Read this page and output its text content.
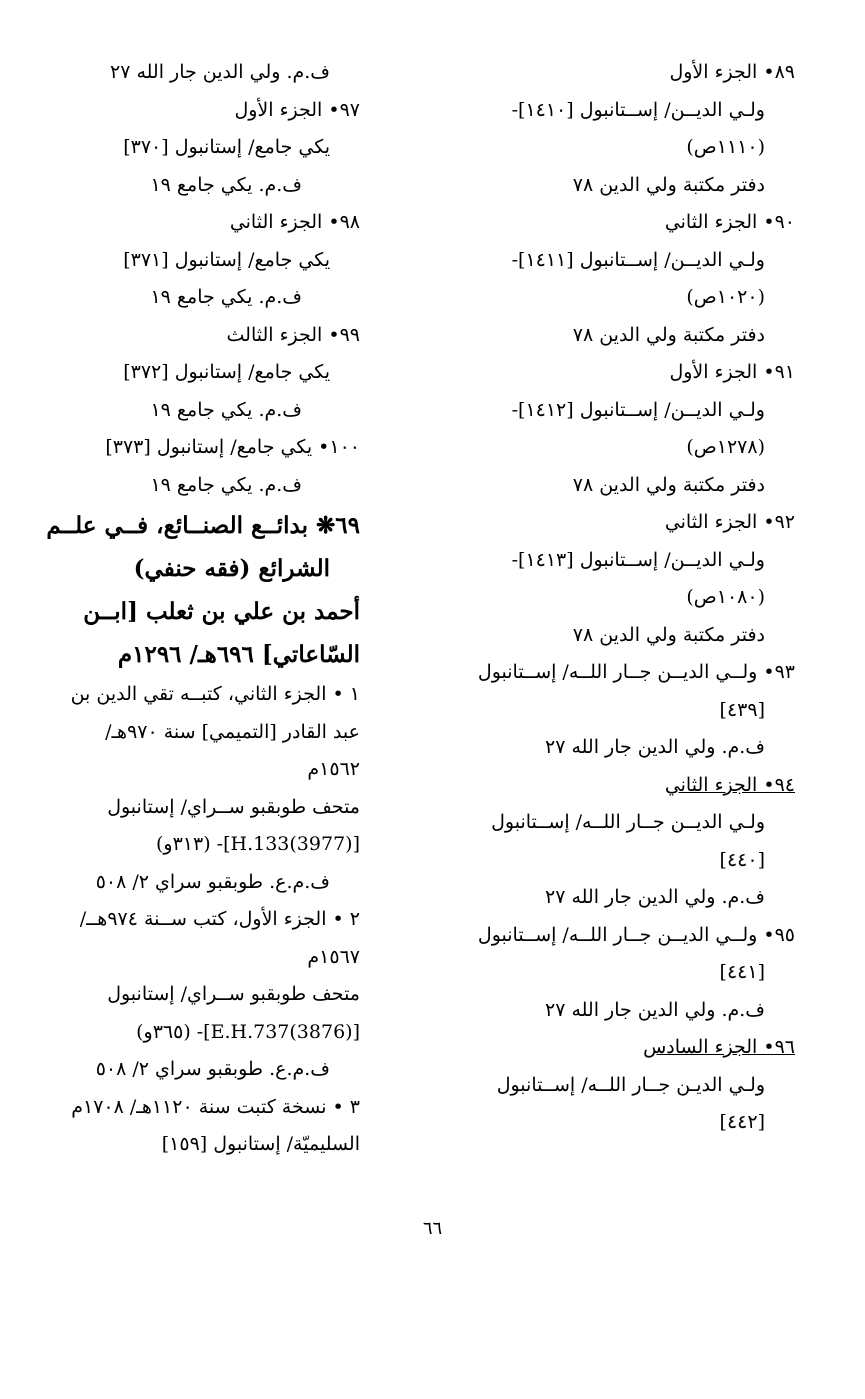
٨٩• الجزء الأول
ولـي الديــن/ إســتانبول [١٤١٠]-
(١١١٠ص)
دفتر مكتبة ولي الدين ٧٨
٩٠• الجزء الثاني
ولـي الديــن/ إســتانبول [١٤١١]-
(١٠٢٠ص)
دفتر مكتبة ولي الدين ٧٨
٩١• الجزء الأول
ولـي الديــن/ إســتانبول [١٤١٢]-
(١٢٧٨ص)
دفتر مكتبة ولي الدين ٧٨
٩٢• الجزء الثاني
ولـي الديــن/ إســتانبول [١٤١٣]-
(١٠٨٠ص)
دفتر مكتبة ولي الدين ٧٨
٩٣• ولــي الديــن جــار اللــه/ إســتانبول
[٤٣٩]
ف.م. ولي الدين جار الله ٢٧
٩٤• الجزء الثاني
ولـي الديــن جــار اللــه/ إســتانبول
[٤٤٠]
ف.م. ولي الدين جار الله ٢٧
٩٥• ولــي الديــن جــار اللــه/ إســتانبول
[٤٤١]
ف.م. ولي الدين جار الله ٢٧
٩٦• الجزء السادس
ولـي الديـن جــار اللــه/ إســتانبول
[٤٤٢]
ف.م. ولي الدين جار الله ٢٧
٩٧• الجزء الأول
يكي جامع/ إستانبول [٣٧٠]
ف.م. يكي جامع ١٩
٩٨• الجزء الثاني
يكي جامع/ إستانبول [٣٧١]
ف.م. يكي جامع ١٩
٩٩• الجزء الثالث
يكي جامع/ إستانبول [٣٧٢]
ف.م. يكي جامع ١٩
١٠٠• يكي جامع/ إستانبول [٣٧٣]
ف.م. يكي جامع ١٩
٦٩❋ بدائــع الصنــائع، فــي علــم
الشرائع (فقه حنفي)
أحمد بن علي بن ثعلب [ابــن
السّاعاتي] ٦٩٦هـ/ ١٢٩٦م
١ • الجزء الثاني، كتبــه تقي الدين بن
عبد القادر [التميمي] سنة ٩٧٠هـ/
١٥٦٢م
متحف طوبقبو ســراي/ إستانبول
[H.133(3977)]- (٣١٣و)
ف.م.ع. طوبقبو سراي ٢/ ٥٠٨
٢ • الجزء الأول، كتب ســنة ٩٧٤هــ/
١٥٦٧م
متحف طوبقبو ســراي/ إستانبول
[E.H.737(3876)]- (٣٦٥و)
ف.م.ع. طوبقبو سراي ٢/ ٥٠٨
٣ • نسخة كتبت سنة ١١٢٠هـ/ ١٧٠٨م
السليميّة/ إستانبول [١٥٩]
٦٦
